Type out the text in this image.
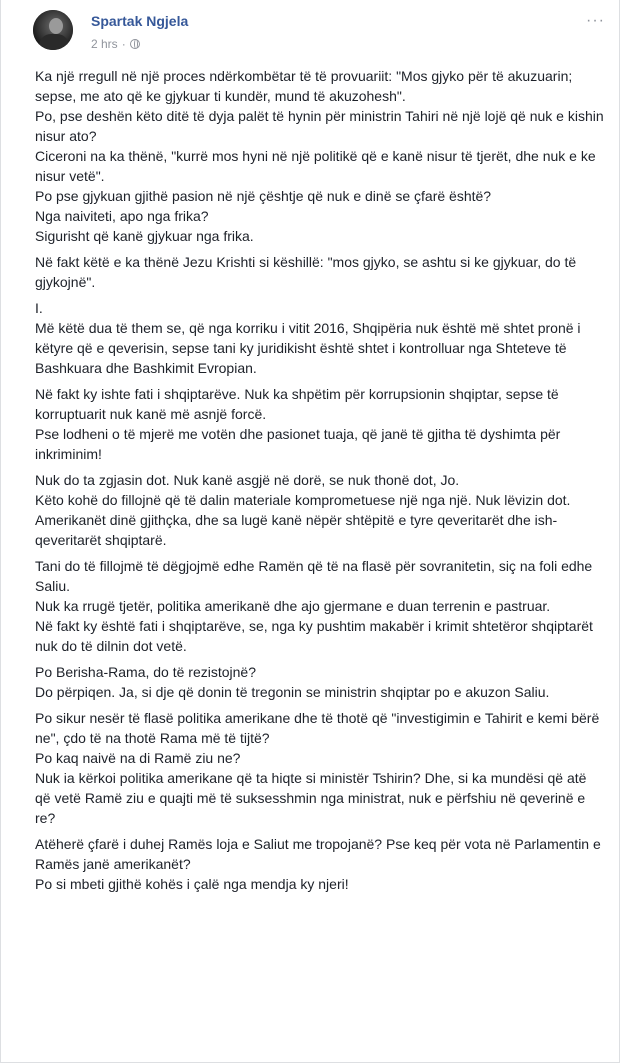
Spartak Ngjela
2 hrs ·
···

Ka një rregull në një proces ndërkombëtar të të provuariit: "Mos gjyko për të akuzuarin; sepse, me ato që ke gjykuar ti kundër, mund të akuzohesh".
Po, pse deshën këto ditë të dyja palët të hynin për ministrin Tahiri në një lojë që nuk e kishin nisur ato?
Ciceroni na ka thënë, "kurrë mos hyni në një politikë që e kanë nisur të tjerët, dhe nuk e ke nisur vetë".
Po pse gjykuan gjithë pasion në një çështje që nuk e dinë se çfarë është?
Nga naiviteti, apo nga frika?
Sigurisht që kanë gjykuar nga frika.

Në fakt këtë e ka thënë Jezu Krishti si këshillë: "mos gjyko, se ashtu si ke gjykuar, do të gjykojnë".

I.
Më këtë dua të them se, që nga korriku i vitit 2016, Shqipëria nuk është më shtet pronë i këtyre që e qeverisin, sepse tani ky juridikisht është shtet i kontrolluar nga Shteteve të Bashkuara dhe Bashkimit Evropian.

Në fakt ky ishte fati i shqiptarëve. Nuk ka shpëtim për korrupsionin shqiptar, sepse të korruptuarit nuk kanë më asnjë forcë.
Pse lodheni o të mjerë me votën dhe pasionet tuaja, që janë të gjitha të dyshimta për inkriminim!

Nuk do ta zgjasin dot. Nuk kanë asgjë në dorë, se nuk thonë dot, Jo.
Këto kohë do fillojnë që të dalin materiale komprometuese një nga një. Nuk lëvizin dot. Amerikanët dinë gjithçka, dhe sa lugë kanë nëpër shtëpitë e tyre qeveritarët dhe ish-qeveritarët shqiptarë.

Tani do të fillojmë të dëgjojmë edhe Ramën që të na flasë për sovranitetin, siç na foli edhe Saliu.
Nuk ka rrugë tjetër, politika amerikanë dhe ajo gjermane e duan terrenin e pastruar.
Në fakt ky është fati i shqiptarëve, se, nga ky pushtim makabër i krimit shtetëror shqiptarët nuk do të dilnin dot vetë.

Po Berisha-Rama, do të rezistojnë?
Do përpiqen. Ja, si dje që donin të tregonin se ministrin shqiptar po e akuzon Saliu.

Po sikur nesër të flasë politika amerikane dhe të thotë që "investigimin e Tahirit e kemi bërë ne", çdo të na thotë Rama më të tijtë?
Po kaq naivë na di Ramë ziu ne?
Nuk ia kërkoi politika amerikane që ta hiqte si ministër Tshirin? Dhe, si ka mundësi që atë që vetë Ramë ziu e quajti më të suksesshmin nga ministrat, nuk e përfshiu në qeverinë e re?

Atëherë çfarë i duhej Ramës loja e Saliut me tropojanë? Pse keq për vota në Parlamentin e Ramës janë amerikanët?
Po si mbeti gjithë kohës i çalë nga mendja ky njeri!
